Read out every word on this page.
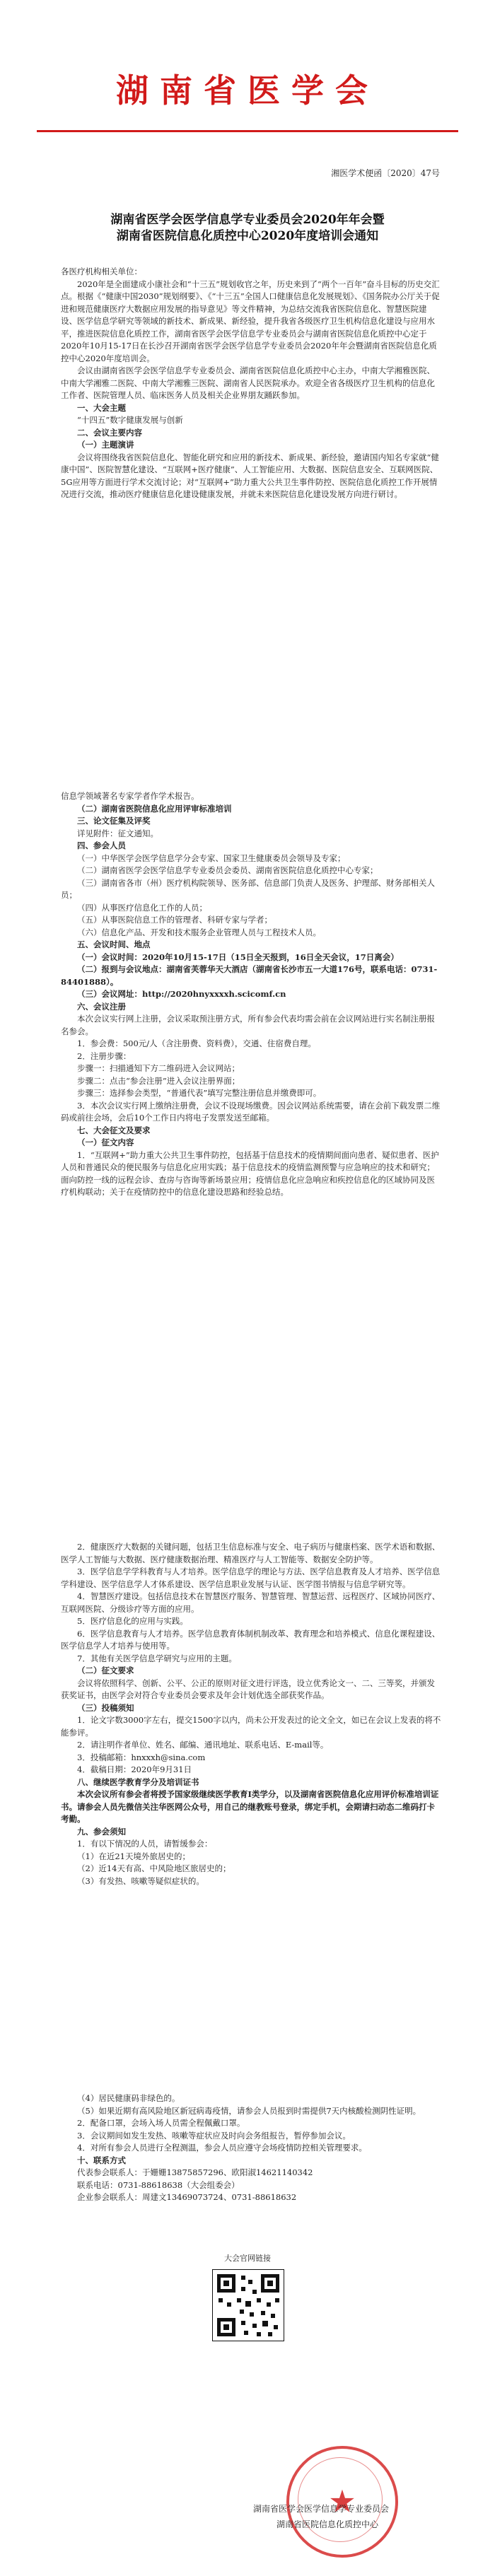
湖南省医学会
湘医学术便函〔2020〕47号
湖南省医学会医学信息学专业委员会2020年年会暨
湖南省医院信息化质控中心2020年度培训会通知

各医疗机构相关单位：

2020年是全面建成小康社会和“十三五”规划收官之年，历史来到了“两个一百年”奋斗目标的历史交汇点。根据《“健康中国2030”规划纲要》、《“十三五”全国人口健康信息化发展规划》、《国务院办公厅关于促进和规范健康医疗大数据应用发展的指导意见》等文件精神，为总结交流我省医院信息化、智慧医院建设、医学信息学研究等领域的新技术、新成果、新经验，提升我省各级医疗卫生机构信息化建设与应用水平，推进医院信息化质控工作，湖南省医学会医学信息学专业委员会与湖南省医院信息化质控中心定于2020年10月15-17日在长沙召开湖南省医学会医学信息学专业委员会2020年年会暨湖南省医院信息化质控中心2020年度培训会。

会议由湖南省医学会医学信息学专业委员会、湖南省医院信息化质控中心主办，中南大学湘雅医院、中南大学湘雅二医院、中南大学湘雅三医院、湖南省人民医院承办。欢迎全省各级医疗卫生机构的信息化工作者、医院管理人员、临床医务人员及相关企业界朋友踊跃参加。

一、大会主题

“十四五”数字健康发展与创新

二、会议主要内容

（一）主题演讲

会议将围绕我省医院信息化、智能化研究和应用的新技术、新成果、新经验，邀请国内知名专家就“健康中国”、医院智慧化建设、“互联网+医疗健康”、人工智能应用、大数据、医院信息安全、互联网医院、5G应用等方面进行学术交流讨论；对“互联网+”助力重大公共卫生事件防控、医院信息化质控工作开展情况进行交流，推动医疗健康信息化建设健康发展，并就未来医院信息化建设发展方向进行研讨。

信息学领域著名专家学者作学术报告。

（二）湖南省医院信息化应用评审标准培训

三、论文征集及评奖

详见附件：征文通知。

四、参会人员

（一）中华医学会医学信息学分会专家、国家卫生健康委员会领导及专家；

（二）湖南省医学会医学信息学专业委员会委员、湖南省医院信息化质控中心专家；

（三）湖南省各市（州）医疗机构院领导、医务部、信息部门负责人及医务、护理部、财务部相关人员；

（四）从事医疗信息化工作的人员；

（五）从事医院信息工作的管理者、科研专家与学者；

（六）信息化产品、开发和技术服务企业管理人员与工程技术人员。

五、会议时间、地点

（一）会议时间：2020年10月15-17日（15日全天报到，16日全天会议，17日离会）

（二）报到与会议地点：湖南省芙蓉华天大酒店（湖南省长沙市五一大道176号，联系电话：0731-84401888）。

（三）会议网址：http://2020hnyxxxxh.scicomf.cn

六、会议注册

本次会议实行网上注册，会议采取预注册方式，所有参会代表均需会前在会议网站进行实名制注册报名参会。

1．参会费：500元/人（含注册费、资料费），交通、住宿费自理。

2．注册步骤：

步骤一：扫描通知下方二维码进入会议网站；

步骤二：点击“参会注册”进入会议注册界面；

步骤三：选择参会类型，“普通代表”填写完整注册信息并缴费即可。

3．本次会议实行网上缴纳注册费，会议不设现场缴费。因会议网站系统需要，请在会前下载发票二维码或前往会场，会后10个工作日内将电子发票发送至邮箱。

七、大会征文及要求

（一）征文内容

1．“互联网+”助力重大公共卫生事件防控，包括基于信息技术的疫情期间面向患者、疑似患者、医护人员和普通民众的便民服务与信息化应用实践；基于信息技术的疫情监测预警与应急响应的技术和研究；面向防控一线的远程会诊、查房与咨询等新场景应用；疫情信息化应急响应和疾控信息化的区域协同及医疗机构联动；关于在疫情防控中的信息化建设思路和经验总结。

2．健康医疗大数据的关键问题，包括卫生信息标准与安全、电子病历与健康档案、医学术语和数据、医学人工智能与大数据、医疗健康数据治理、精准医疗与人工智能等、数据安全防护等。

3．医学信息学学科教育与人才培养。医学信息学的理论与方法、医学信息教育及人才培养、医学信息学科建设、医学信息学人才体系建设、医学信息职业发展与认证、医学图书情报与信息学研究等。

4．智慧医疗建设。包括信息技术在智慧医疗服务、智慧管理、智慧运营、远程医疗、区域协同医疗、互联网医院、分级诊疗等方面的应用。

5．医疗信息化的应用与实践。

6．医学信息教育与人才培养。医学信息教育体制机制改革、教育理念和培养模式、信息化课程建设、医学信息学人才培养与使用等。

7．其他有关医学信息学研究与应用的主题。

（二）征文要求

会议将依照科学、创新、公平、公正的原则对征文进行评选，设立优秀论文一、二、三等奖，并颁发获奖证书，由医学会对符合专业委员会要求及年会计划优选全部获奖作品。

（三）投稿须知

1．论文字数3000字左右，提交1500字以内，尚未公开发表过的论文全文，如已在会议上发表的将不能参评。

2．请注明作者单位、姓名、邮编、通讯地址、联系电话、E-mail等。

3．投稿邮箱：hnxxxh@sina.com

4．截稿日期：2020年9月31日

八、继续医学教育学分及培训证书

本次会议所有参会者将授予国家级继续医学教育Ⅰ类学分，以及湖南省医院信息化应用评价标准培训证书。请参会人员先微信关注华医网公众号，用自己的继教账号登录，绑定手机，会期请扫动态二维码打卡考勤。

九、参会须知

1．有以下情况的人员，请暂缓参会：

（1）在近21天境外旅居史的；

（2）近14天有高、中风险地区旅居史的；

（3）有发热、咳嗽等疑似症状的。

（4）居民健康码非绿色的。

（5）如果近期有高风险地区新冠病毒疫情，请参会人员报到时需提供7天内核酸检测阴性证明。

2．配备口罩，会场入场人员需全程佩戴口罩。

3．会议期间如发生发热、咳嗽等症状应及时向会务组报告，暂停参加会议。

4．对所有参会人员进行全程测温，参会人员应遵守会场疫情防控相关管理要求。

十、联系方式

代表参会联系人：于姗姗13875857296、欧阳淑14621140342

联系电话：0731-88618638（大会组委会）

企业参会联系人：周建文13469073724、0731-88618632

大会官网链接
★
湖南省医学会医学信息学专业委员会
湖南省医院信息化质控中心
